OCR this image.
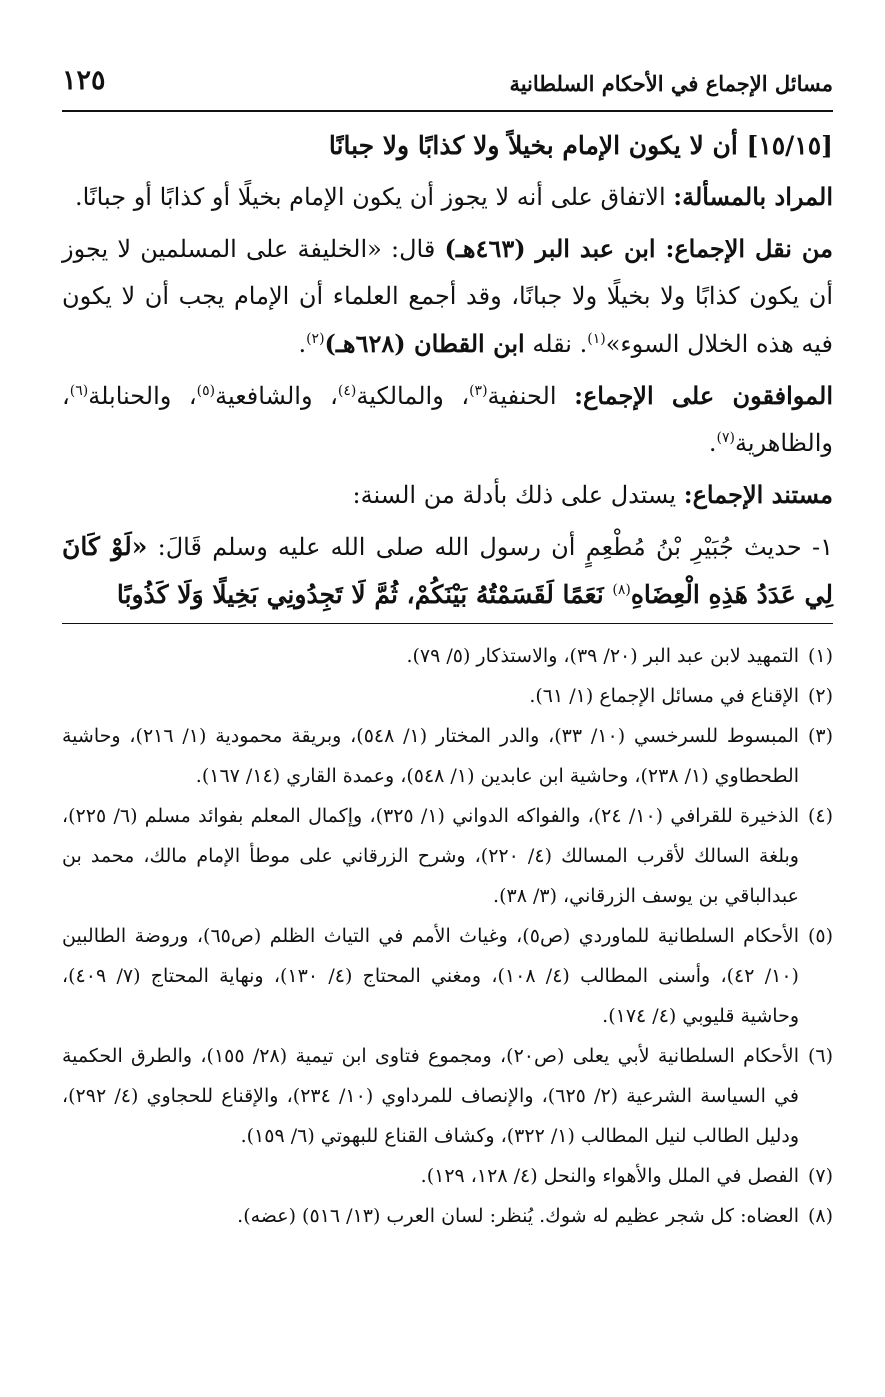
مسائل الإجماع في الأحكام السلطانية
١٢٥

[١٥/١٥] أن لا يكون الإمام بخيلاً ولا كذابًا ولا جبانًا

المراد بالمسألة: الاتفاق على أنه لا يجوز أن يكون الإمام بخيلًا أو كذابًا أو جبانًا.

من نقل الإجماع: ابن عبد البر (٤٦٣هـ) قال: «الخليفة على المسلمين لا يجوز أن يكون كذابًا ولا بخيلًا ولا جبانًا، وقد أجمع العلماء أن الإمام يجب أن لا يكون فيه هذه الخلال السوء»$^{(١)}$. نقله ابن القطان (٦٢٨هـ)$^{(٢)}$.

الموافقون على الإجماع: الحنفية$^{(٣)}$، والمالكية$^{(٤)}$، والشافعية$^{(٥)}$، والحنابلة$^{(٦)}$، والظاهرية$^{(٧)}$.

مستند الإجماع: يستدل على ذلك بأدلة من السنة:

١- حديث جُبَيْرِ بْنُ مُطْعِمٍ أن رسول الله صلى الله عليه وسلم قَالَ: «لَوْ كَانَ لِي عَدَدُ هَذِهِ الْعِضَاهِ$^{(٨)}$ نَعَمًا لَقَسَمْتُهُ بَيْنَكُمْ، ثُمَّ لَا تَجِدُونِي بَخِيلًا وَلَا كَذُوبًا

(١)
التمهيد لابن عبد البر (٢٠/ ٣٩)، والاستذكار (٥/ ٧٩).
(٢)
الإقناع في مسائل الإجماع (١/ ٦١).
(٣)
المبسوط للسرخسي (١٠/ ٣٣)، والدر المختار (١/ ٥٤٨)، وبريقة محمودية (١/ ٢١٦)، وحاشية الطحطاوي (١/ ٢٣٨)، وحاشية ابن عابدين (١/ ٥٤٨)، وعمدة القاري (١٤/ ١٦٧).
(٤)
الذخيرة للقرافي (١٠/ ٢٤)، والفواكه الدواني (١/ ٣٢٥)، وإكمال المعلم بفوائد مسلم (٦/ ٢٢٥)، وبلغة السالك لأقرب المسالك (٤/ ٢٢٠)، وشرح الزرقاني على موطأ الإمام مالك، محمد بن عبدالباقي بن يوسف الزرقاني، (٣/ ٣٨).
(٥)
الأحكام السلطانية للماوردي (ص٥)، وغياث الأمم في التياث الظلم (ص٦٥)، وروضة الطالبين (١٠/ ٤٢)، وأسنى المطالب (٤/ ١٠٨)، ومغني المحتاج (٤/ ١٣٠)، ونهاية المحتاج (٧/ ٤٠٩)، وحاشية قليوبي (٤/ ١٧٤).
(٦)
الأحكام السلطانية لأبي يعلى (ص٢٠)، ومجموع فتاوى ابن تيمية (٢٨/ ١٥٥)، والطرق الحكمية في السياسة الشرعية (٢/ ٦٢٥)، والإنصاف للمرداوي (١٠/ ٢٣٤)، والإقناع للحجاوي (٤/ ٢٩٢)، ودليل الطالب لنيل المطالب (١/ ٣٢٢)، وكشاف القناع للبهوتي (٦/ ١٥٩).
(٧)
الفصل في الملل والأهواء والنحل (٤/ ١٢٨، ١٢٩).
(٨)
العضاه: كل شجر عظيم له شوك. يُنظر: لسان العرب (١٣/ ٥١٦) (عضه).
